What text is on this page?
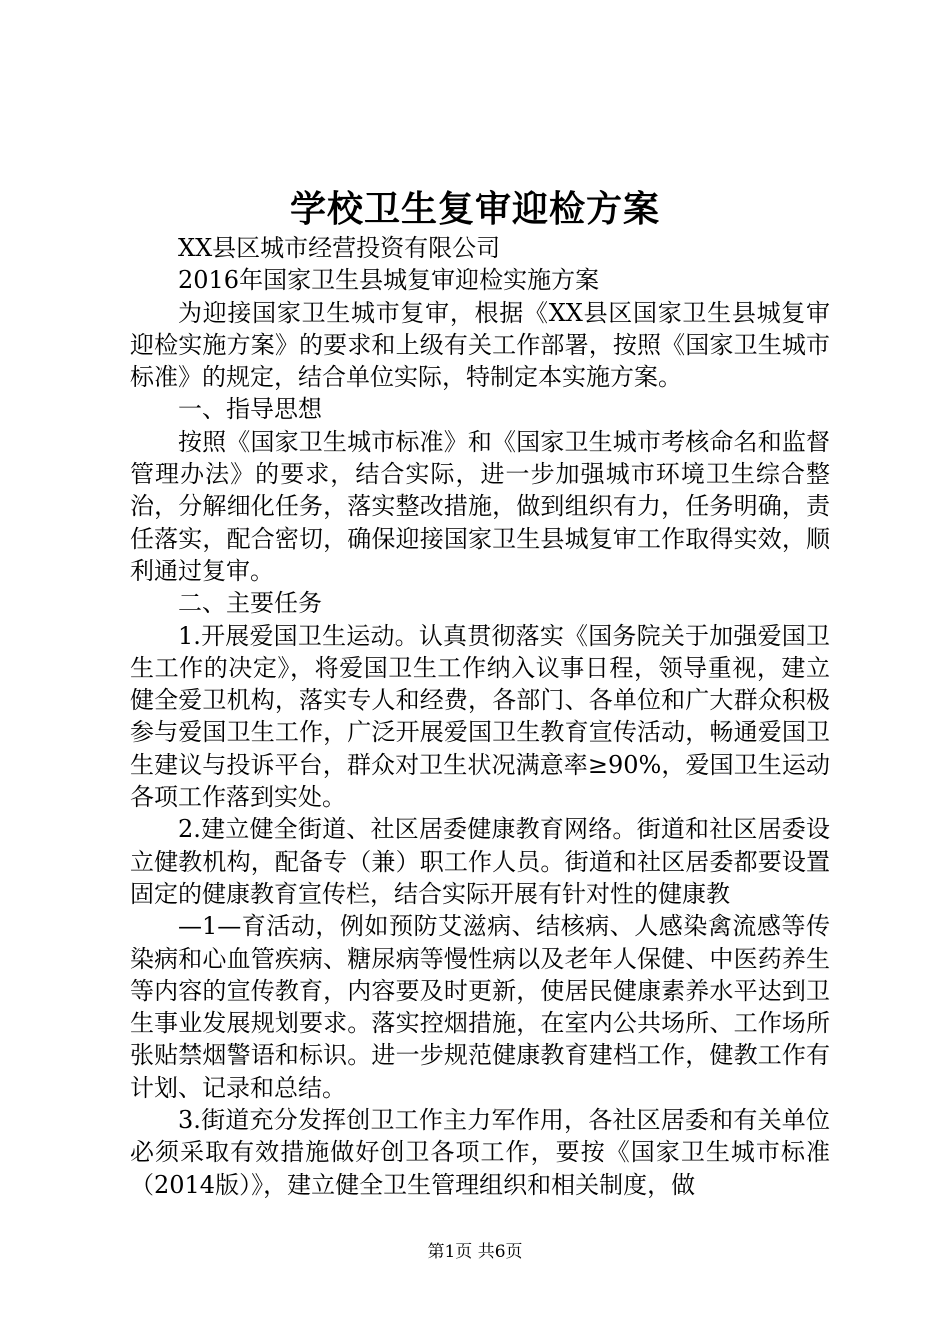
学校卫生复审迎检方案

XX县区城市经营投资有限公司

2016年国家卫生县城复审迎检实施方案

为迎接国家卫生城市复审，根据《XX县区国家卫生县城复审迎检实施方案》的要求和上级有关工作部署，按照《国家卫生城市标准》的规定，结合单位实际，特制定本实施方案。

一、指导思想

按照《国家卫生城市标准》和《国家卫生城市考核命名和监督管理办法》的要求，结合实际，进一步加强城市环境卫生综合整治，分解细化任务，落实整改措施，做到组织有力，任务明确，责任落实，配合密切，确保迎接国家卫生县城复审工作取得实效，顺利通过复审。

二、主要任务

1.开展爱国卫生运动。认真贯彻落实《国务院关于加强爱国卫生工作的决定》，将爱国卫生工作纳入议事日程，领导重视，建立健全爱卫机构，落实专人和经费，各部门、各单位和广大群众积极参与爱国卫生工作，广泛开展爱国卫生教育宣传活动，畅通爱国卫生建议与投诉平台，群众对卫生状况满意率≥90%，爱国卫生运动各项工作落到实处。

2.建立健全街道、社区居委健康教育网络。街道和社区居委设立健教机构，配备专（兼）职工作人员。街道和社区居委都要设置固定的健康教育宣传栏，结合实际开展有针对性的健康教

—1—育活动，例如预防艾滋病、结核病、人感染禽流感等传染病和心血管疾病、糖尿病等慢性病以及老年人保健、中医药养生等内容的宣传教育，内容要及时更新，使居民健康素养水平达到卫生事业发展规划要求。落实控烟措施，在室内公共场所、工作场所张贴禁烟警语和标识。进一步规范健康教育建档工作，健教工作有计划、记录和总结。

3.街道充分发挥创卫工作主力军作用，各社区居委和有关单位必须采取有效措施做好创卫各项工作，要按《国家卫生城市标准（2014版）》，建立健全卫生管理组织和相关制度，做

第1页 共6页
